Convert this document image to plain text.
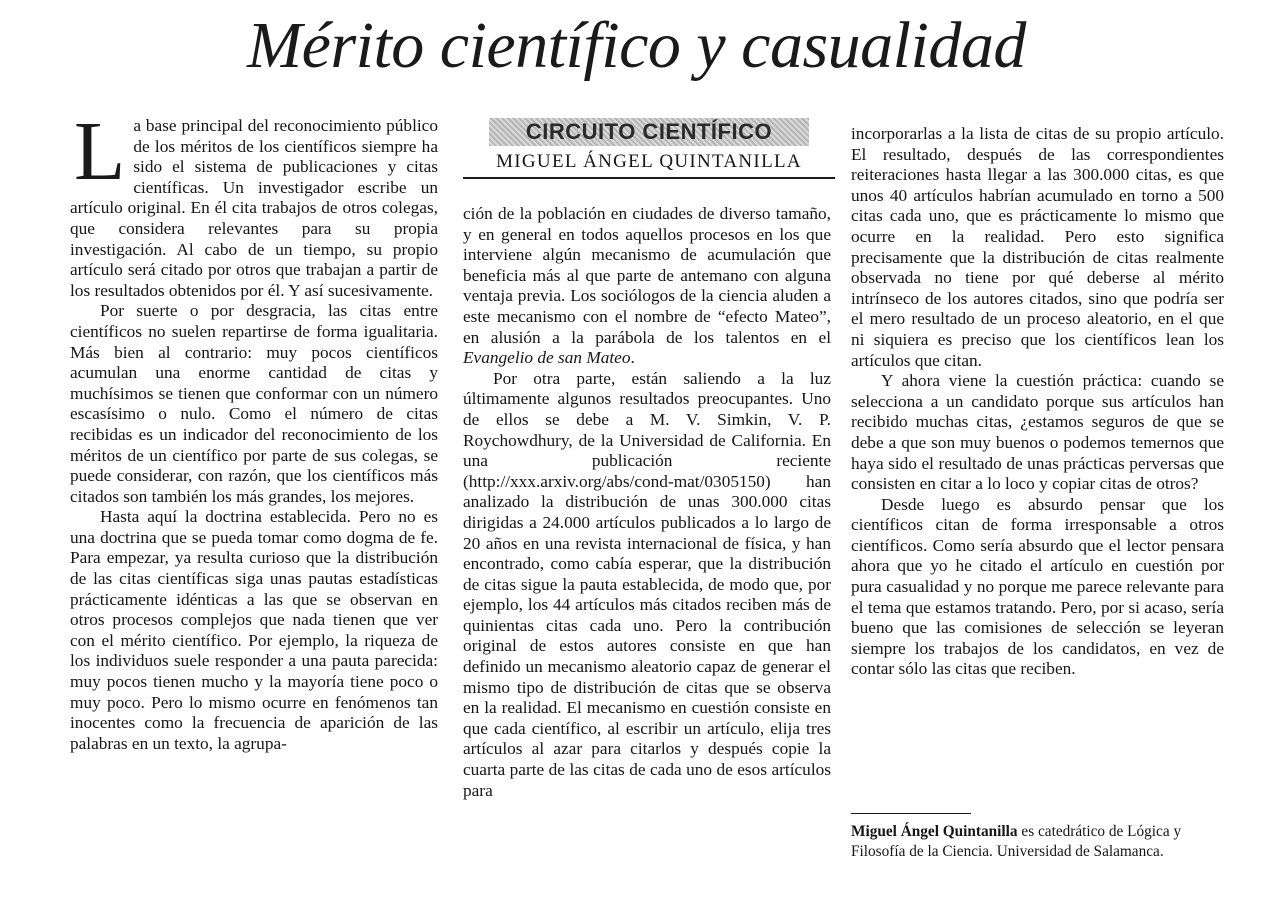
Mérito científico y casualidad

La base principal del reconocimiento público de los méritos de los científicos siempre ha sido el sistema de publicaciones y citas científicas. Un investigador escribe un artículo original. En él cita trabajos de otros colegas, que considera relevantes para su propia investigación. Al cabo de un tiempo, su propio artículo será citado por otros que trabajan a partir de los resultados obtenidos por él. Y así sucesivamente.

Por suerte o por desgracia, las citas entre científicos no suelen repartirse de forma igualitaria. Más bien al contrario: muy pocos científicos acumulan una enorme cantidad de citas y muchísimos se tienen que conformar con un número escasísimo o nulo. Como el número de citas recibidas es un indicador del reconocimiento de los méritos de un científico por parte de sus colegas, se puede considerar, con razón, que los científicos más citados son también los más grandes, los mejores.

Hasta aquí la doctrina establecida. Pero no es una doctrina que se pueda tomar como dogma de fe. Para empezar, ya resulta curioso que la distribución de las citas científicas siga unas pautas estadísticas prácticamente idénticas a las que se observan en otros procesos complejos que nada tienen que ver con el mérito científico. Por ejemplo, la riqueza de los individuos suele responder a una pauta parecida: muy pocos tienen mucho y la mayoría tiene poco o muy poco. Pero lo mismo ocurre en fenómenos tan inocentes como la frecuencia de aparición de las palabras en un texto, la agrupa-

CIRCUITO CIENTÍFICO
MIGUEL ÁNGEL QUINTANILLA

ción de la población en ciudades de diverso tamaño, y en general en todos aquellos procesos en los que intervienе algún mecanismo de acumulación que beneficia más al que parte de antemano con alguna ventaja previa. Los sociólogos de la ciencia aluden a este mecanismo con el nombre de “efecto Mateo”, en alusión a la parábola de los talentos en el Evangelio de san Mateo.

Por otra parte, están saliendo a la luz últimamente algunos resultados preocupantes. Uno de ellos se debe a M. V. Simkin, V. P. Roychowdhury, de la Universidad de California. En una publicación reciente (http://xxx.arxiv.org/abs/cond-mat/0305150) han analizado la distribución de unas 300.000 citas dirigidas a 24.000 artículos publicados a lo largo de 20 años en una revista internacional de física, y han encontrado, como cabía esperar, que la distribución de citas sigue la pauta establecida, de modo que, por ejemplo, los 44 artículos más citados reciben más de quinientas citas cada uno. Pero la contribución original de estos autores consiste en que han definido un mecanismo aleatorio capaz de generar el mismo tipo de distribución de citas que se observa en la realidad. El mecanismo en cuestión consiste en que cada científico, al escribir un artículo, elija tres artículos al azar para citarlos y después copie la cuarta parte de las citas de cada uno de esos artículos para

incorporarlas a la lista de citas de su propio artículo. El resultado, después de las correspondientes reiteraciones hasta llegar a las 300.000 citas, es que unos 40 artículos habrían acumulado en torno a 500 citas cada uno, que es prácticamente lo mismo que ocurre en la realidad. Pero esto significa precisamente que la distribución de citas realmente observada no tiene por qué deberse al mérito intrínseco de los autores citados, sino que podría ser el mero resultado de un proceso aleatorio, en el que ni siquiera es preciso que los científicos lean los artículos que citan.

Y ahora viene la cuestión práctica: cuando se selecciona a un candidato porque sus artículos han recibido muchas citas, ¿estamos seguros de que se debe a que son muy buenos o podemos temernos que haya sido el resultado de unas prácticas perversas que consisten en citar a lo loco y copiar citas de otros?

Desde luego es absurdo pensar que los científicos citan de forma irresponsable a otros científicos. Como sería absurdo que el lector pensara ahora que yo he citado el artículo en cuestión por pura casualidad y no porque me parece relevante para el tema que estamos tratando. Pero, por si acaso, sería bueno que las comisiones de selección se leyeran siempre los trabajos de los candidatos, en vez de contar sólo las citas que reciben.

Miguel Ángel Quintanilla es catedrático de Lógica y Filosofía de la Ciencia. Universidad de Salamanca.
